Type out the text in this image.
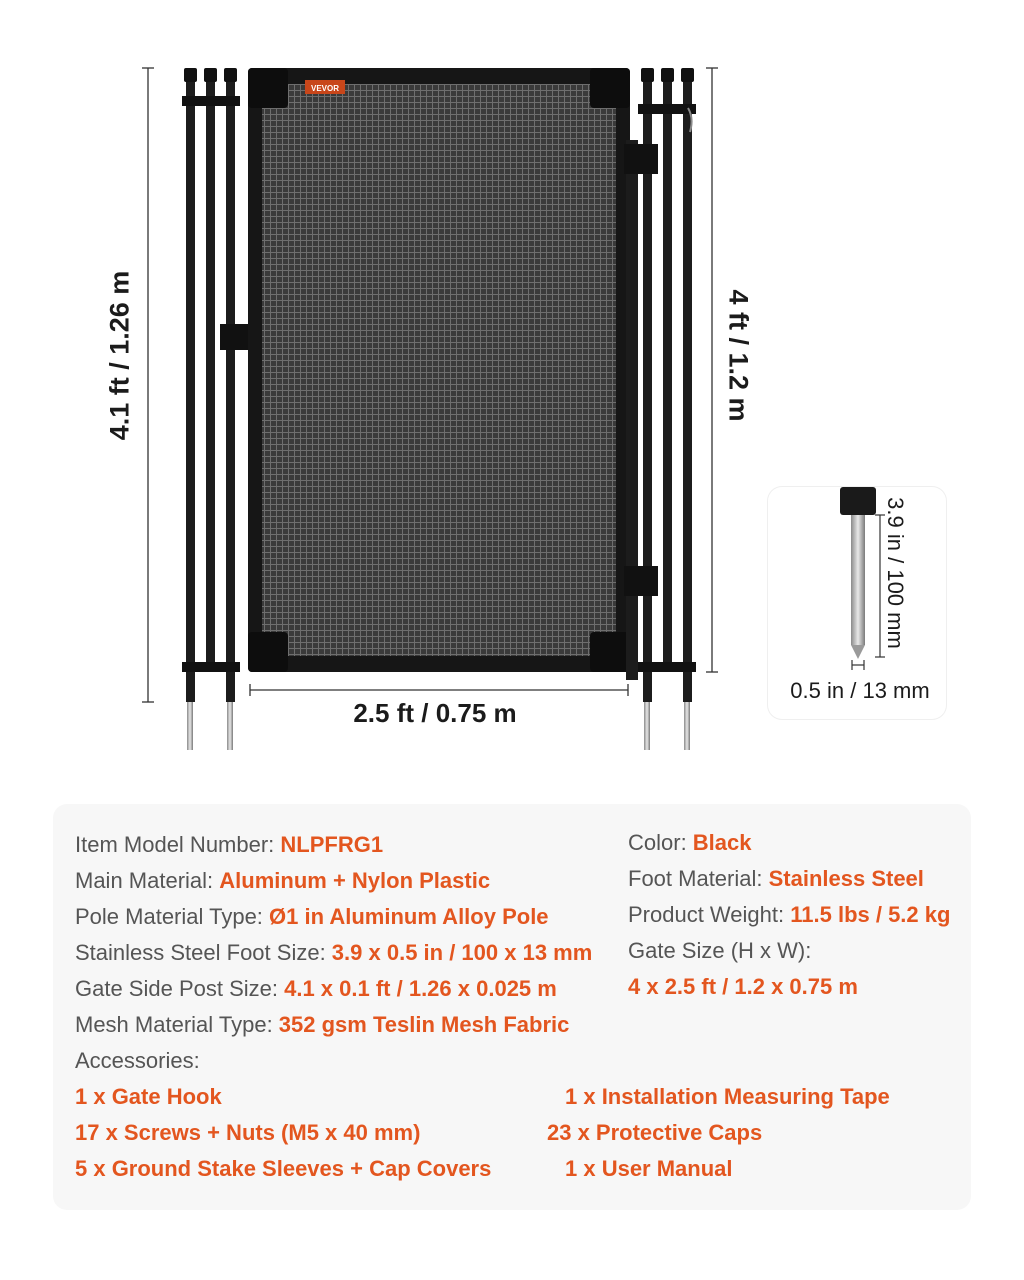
VEVOR
4.1 ft / 1.26 m	4 ft / 1.2 m
2.5 ft / 0.75 m
3.9 in / 100 mm
0.5 in / 13 mm
Item Model Number: NLPFRG1
Main Material: Aluminum + Nylon Plastic
Pole Material Type: Ø1 in Aluminum Alloy Pole
Stainless Steel Foot Size: 3.9 x 0.5 in / 100 x 13 mm
Gate Side Post Size: 4.1 x 0.1 ft / 1.26 x 0.025 m
Mesh Material Type: 352 gsm Teslin Mesh Fabric
Color: Black
Foot Material: Stainless Steel
Product Weight: 11.5 lbs / 5.2 kg
Gate Size (H x W):
4 x 2.5 ft / 1.2 x 0.75 m
Accessories:
1 x Gate Hook
17 x Screws + Nuts (M5 x 40 mm)
5 x Ground Stake Sleeves + Cap Covers
1 x Installation Measuring Tape
23 x Protective Caps
1 x User Manual
